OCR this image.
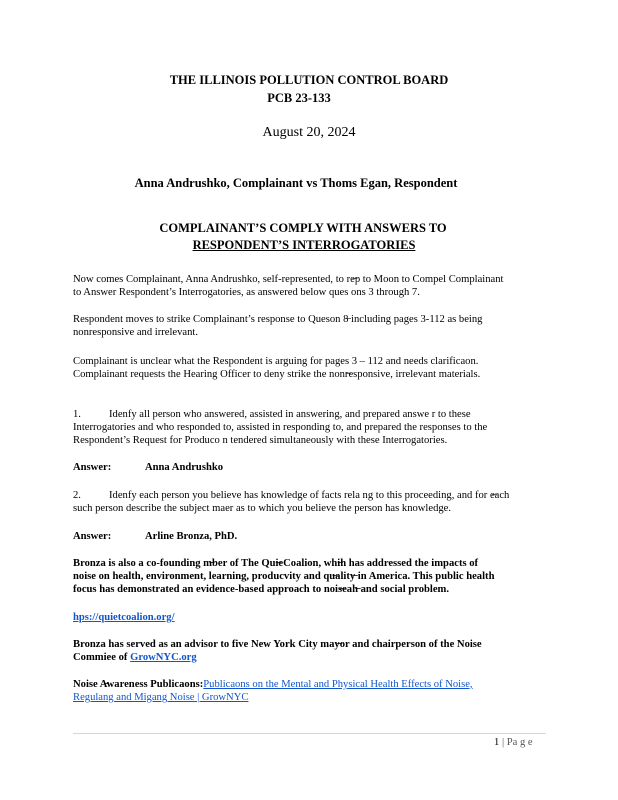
THE ILLINOIS POLLUTION CONTROL BOARD
PCB 23-133
August 20, 2024
Anna Andrushko, Complainant vs Thoms Egan, Respondent
COMPLAINANT’S COMPLY WITH ANSWERS TO
RESPONDENT’S INTERROGATORIES
Now comes Complainant, Anna Andrushko, self-represented, to re̶p to Moon to Compel Complainant
to Answer Respondent’s Interrogatories, as answered below ques ons 3 through 7.
Respondent moves to strike Complainant’s response to Queson 8̶ including pages 3-112 as being
nonresponsive and irrelevant.
Complainant is unclear what the Respondent is arguing for pages 3 – 112 and needs clarificaon.
Complainant requests the Hearing Officer to deny strike the nonr̶esponsive, irrelevant materials.
1.	Idenfy all person who answered, assisted in answering, and prepared answe r to these
Interrogatories and who responded to, assisted in responding to, and prepared the responses to the
Respondent’s Request for Produco n tendered simultaneously with these Interrogatories.
Answer:	Anna Andrushko
2.	Idenfy each person you believe has knowledge of facts rela ng to this proceeding, and for e̶ach
such person describe the subject maer as to which you believe the person has knowledge.
Answer:	Arline Bronza, PhD.
Bronza is also a co-founding m̶ber of The Qui̶eCoalion, whi̶h has addressed the impacts of
noise on health, environment, learning, producvity and qu̶ality̶ in America. This public health
focus has demonstrated an evidence-based approach to nois̶eah̶ and social problem.
hps://quietcoalion.org/
Bronza has served as an advisor to five New York City may̶or and chairperson of the Noise
Commiee of GrowNYC.org
Noise A̶wareness Publicaons:Publicaons on the Mental and Physical Health Effects of Noise,
Regulang and Migang Noise | GrowNYC
1 | Pa g e
